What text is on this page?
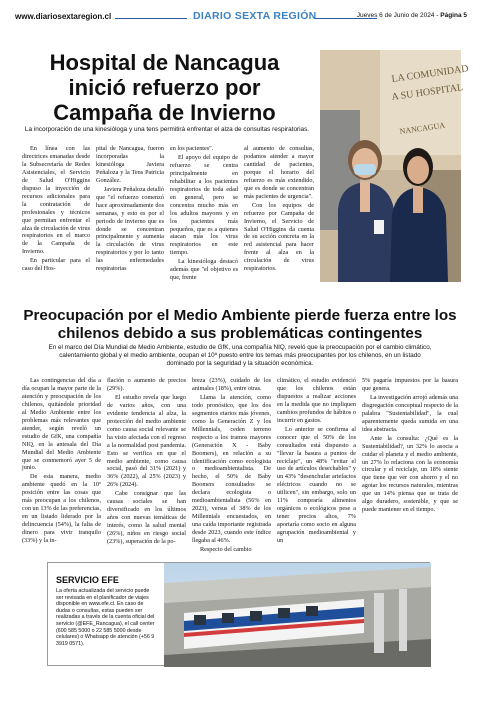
www.diariosextaregion.cl	DIARIO SEXTA REGIÓN	Jueves 6 de Junio de 2024 - Página 5
Hospital de Nancagua inició refuerzo por Campaña de Invierno
La incorporación de una kinesióloga y una tens permitirá enfrentar el alza de consultas respiratorias.
LA COMUNIDAD
A SU HOSPITAL
NANCAGUA

En línea con las directrices emanadas desde la Subsecretaría de Redes Asistenciales, el Servicio de Salud O'Higgins dispuso la inyección de recursos adicionales para la contratación de profesionales y técnicos que permitan enfrentar el alza de circulación de virus respiratorios en el marco de la Campaña de Invierno.

En particular para el caso del Hos-

pital de Nancagua, fueron incorporadas la kinesióloga Javiera Peñaloza y la Tens Patricia González.

Javiera Peñaloza detalló que "el refuerzo comenzó hace aproximadamente dos semanas, y esto es por el periodo de invierno que es donde se concentran principalmente y aumenta la circulación de virus respiratorios y por lo tanto las enfermedades respiratorias

en los pacientes".

El apoyo del equipo de refuerzo se centra principalmente en rehabilitar a los pacientes respiratorios de toda edad en general, pero se concentra mucho más en los adultos mayores y en los pacientes más pequeños, que es a quienes atacan más los virus respiratorios en este tiempo.

La kinesióloga destacó además que "el objetivo es que, frente

al aumento de consultas, podamos atender a mayor cantidad de pacientes, porque el horario del refuerzo es más extendido, que es donde se concentran más pacientes de urgencia".

Con los equipos de refuerzo por Campaña de Invierno, el Servicio de Salud O'Higgins da cuenta de su acción concreta en la red asistencial para hacer frente al alza en la circulación de virus respiratorios.

Preocupación por el Medio Ambiente pierde fuerza entre los chilenos debido a sus problemáticas contingentes
En el marco del Día Mundial de Medio Ambiente, estudio de GfK, una compañía NIQ, reveló que la preocupación por el cambio climático, calentamiento global y el medio ambiente, ocupan el 10º puesto entre los temas más preocupantes por los chilenos, en un listado dominado por la seguridad y la situación económica.

Las contingencias del día a día ocupan la mayor parte de la atención y preocupación de los chilenos, quitándole prioridad al Medio Ambiente entre los problemas más relevantes que atender, según reveló un estudio de GfK, una compañía NIQ, en la antesala del Día Mundial del Medio Ambiente que se conmemoró ayer 5 de junio.

De esta manera, medio ambiente quedó en la 10º posición entre las cosas que más preocupan a los chilenos, con un 13% de las preferencias, en un listado liderado por la delincuencia (54%), la falta de dinero para vivir tranquilo (33%) y la in-

flación o aumento de precios (29%).

El estudio revela que luego de varios años, con una evidente tendencia al alza, la protección del medio ambiente como causa social relevante se ha visto afectada con el regreso a la normalidad post pandemia. Esto se verifica en que el medio ambiente, como causa social, pasó del 31% (2021) y 36% (2022), al 25% (2023) y 26% (2024).

Cabe consignar que las causas sociales se han diversificado en los últimos años con nuevas temáticas de interés, como la salud mental (26%), niños en riesgo social (23%), superación de la po-

breza (23%), cuidado de los animales (18%), entre otras.

Llama la atención, como todo pronóstico, que los dos segmentos etarios más jóvenes, como la Generación Z y los Millennials, ceden terreno respecto a los tramos mayores (Generación X - Baby Boomers), en relación a su identificación como ecologista o medioambientalista. De hecho, el 50% de Baby Boomers consultados se declara ecologista o medioambientalista (56% en 2023), versus el 38% de los Millennials encuestados, en una caída importante registrada desde 2023, cuando este índice llegaba al 46%.

Respecto del cambio

climático, el estudio evidenció que los chilenos están dispuestos a realizar acciones en la medida que no impliquen cambios profundos de hábitos o incurrir en gastos.

Lo anterior se confirma al conocer que el 50% de los consultados está dispuesto a "llevar la basura a puntos de reciclaje", un 48% "evitar el uso de artículos desechables" y un 43% "desenchufar artefactos eléctricos cuando no se utilicen", sin embargo, solo un 11% compraría alimentos orgánicos o ecológicos pese a tener precios altos, 7% aportaría como socio en alguna agrupación medioambiental y un

5% pagaría impuestos por la basura que genera.

La investigación arrojó además una disgregación conceptual respecto de la palabra "Sustentabilidad", la cual aparentemente queda sumida en una idea abstracta.

Ante la consulta: ¿Qué es la Sustentabilidad?, un 32% lo asocia a cuidar el planeta y el medio ambiente, un 27% lo relaciona con la economía circular y el reciclaje, un 18% siente que tiene que ver con ahorro y el no agotar los recursos naturales, mientras que un 14% piensa que se trata de algo duradero, sostenible, y que se puede mantener en el tiempo.

SERVICIO EFE
La oferta actualizada del servicio puede ser revisada en el planificador de viajes disponible en www.efe.cl. En caso de dudas o consultas, estas pueden ser realizadas a través de la cuenta oficial del servicio (@EFE_Rancagua), el call center (600 585 5000 o 22 585 5000 desde celulares) o Whatsapp de atención (+56 9 3919 0571).
